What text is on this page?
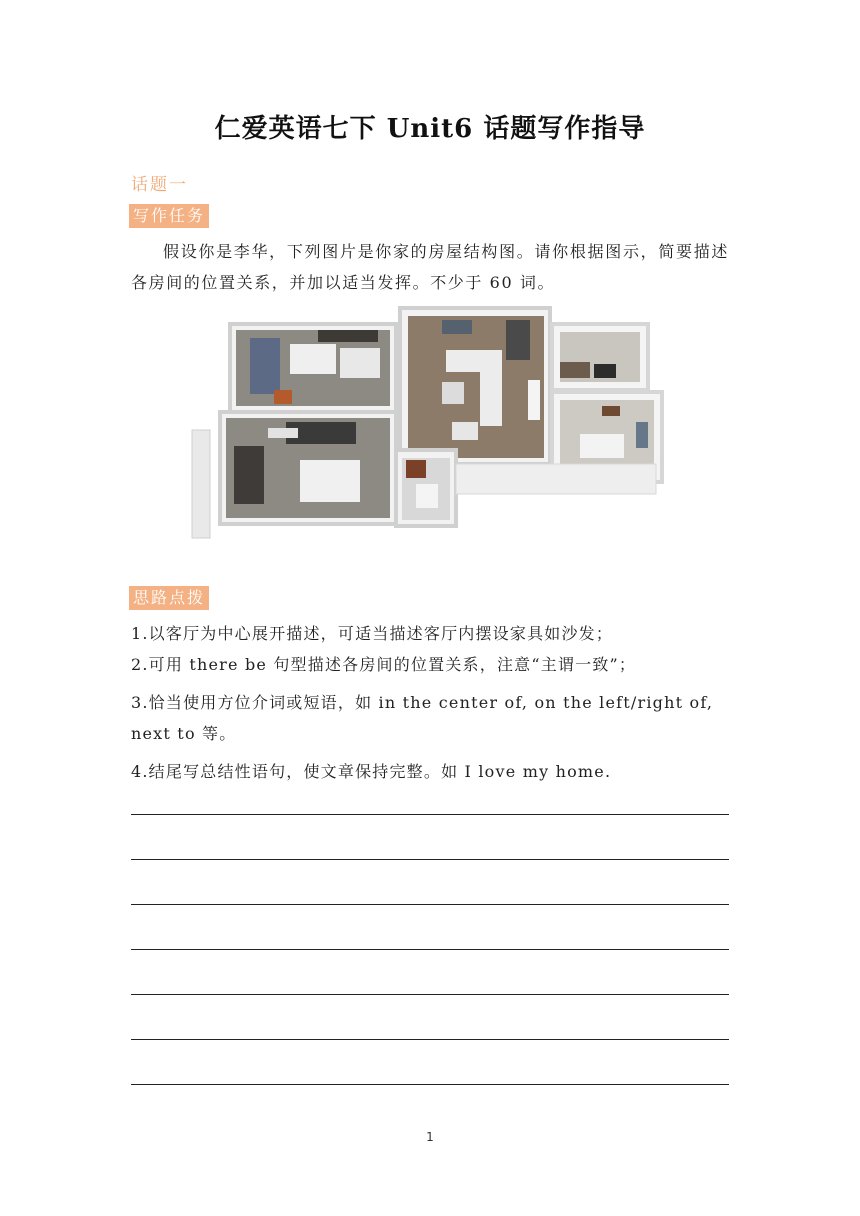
仁爱英语七下 Unit6 话题写作指导
话题一
写作任务
假设你是李华，下列图片是你家的房屋结构图。请你根据图示，简要描述各房间的位置关系，并加以适当发挥。不少于 60 词。
思路点拨
1.以客厅为中心展开描述，可适当描述客厅内摆设家具如沙发；
2.可用 there be 句型描述各房间的位置关系，注意“主谓一致”；
3.恰当使用方位介词或短语，如 in the center of, on the left/right of, next to 等。
4.结尾写总结性语句，使文章保持完整。如 I love my home.
1
